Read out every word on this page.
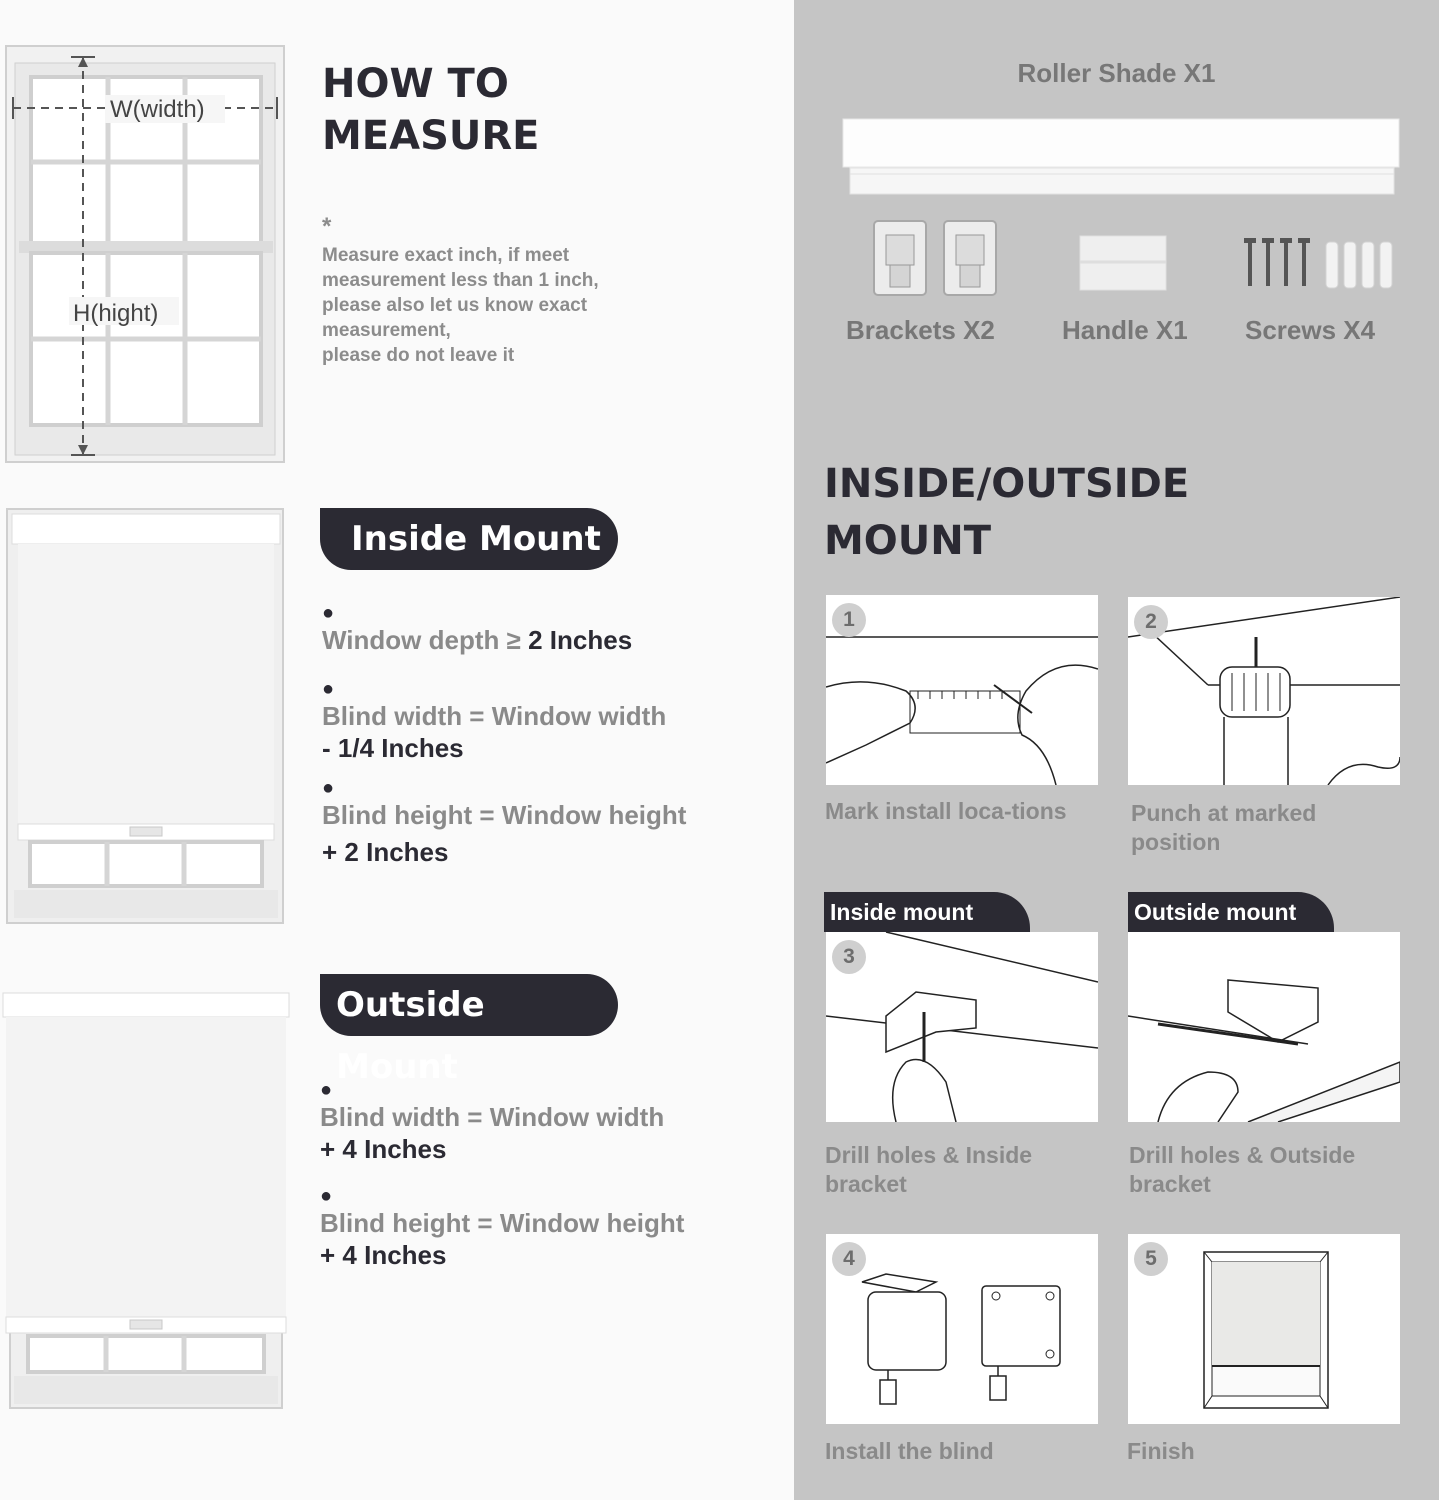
W(width)
H(hight)
HOW TO
MEASURE
*
Measure exact inch, if meet
measurement less than 1 inch,
please also let us know exact
measurement,
please do not leave it
Inside Mount
●
Window depth ≥ 2 Inches
●
Blind width = Window width
- 1/4 Inches
●
Blind height = Window height
+ 2 Inches
Outside Mount
●
Blind width = Window width
+ 4 Inches
●
Blind height = Window height
+ 4 Inches
Roller Shade X1
Brackets X2	Handle X1 Screws X4
INSIDE/OUTSIDE
MOUNT
1
Mark install loca-tions
2
Punch at marked position
Inside mount	Outside mount
3
Drill holes & Inside bracket
Drill holes & Outside bracket
4
Install the blind
5
Finish
